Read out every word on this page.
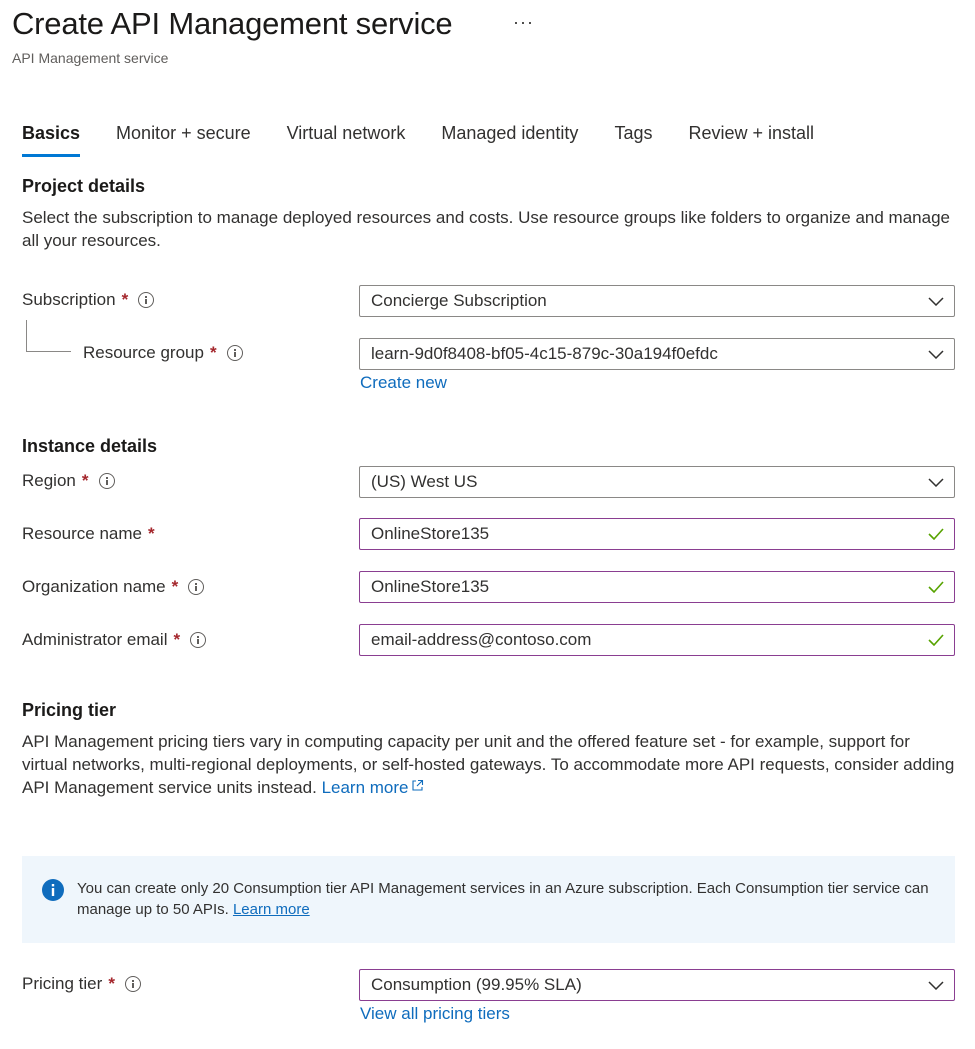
Create API Management service	···
API Management service
Basics Monitor + secure Virtual network Managed identity Tags Review + install
Project details
Select the subscription to manage deployed resources and costs. Use resource groups like folders to organize and manage all your resources.
Subscription *	Concierge Subscription
Resource group *	learn-9d0f8408-bf05-4c15-879c-30a194f0efdc
Create new
Instance details
Region *	(US) West US
Resource name *	OnlineStore135
Organization name *	OnlineStore135
Administrator email *	email-address@contoso.com
Pricing tier
API Management pricing tiers vary in computing capacity per unit and the offered feature set - for example, support for virtual networks, multi-regional deployments, or self-hosted gateways. To accommodate more API requests, consider adding API Management service units instead. Learn more
You can create only 20 Consumption tier API Management services in an Azure subscription. Each Consumption tier service can manage up to 50 APIs. Learn more
Pricing tier *	Consumption (99.95% SLA)
View all pricing tiers
